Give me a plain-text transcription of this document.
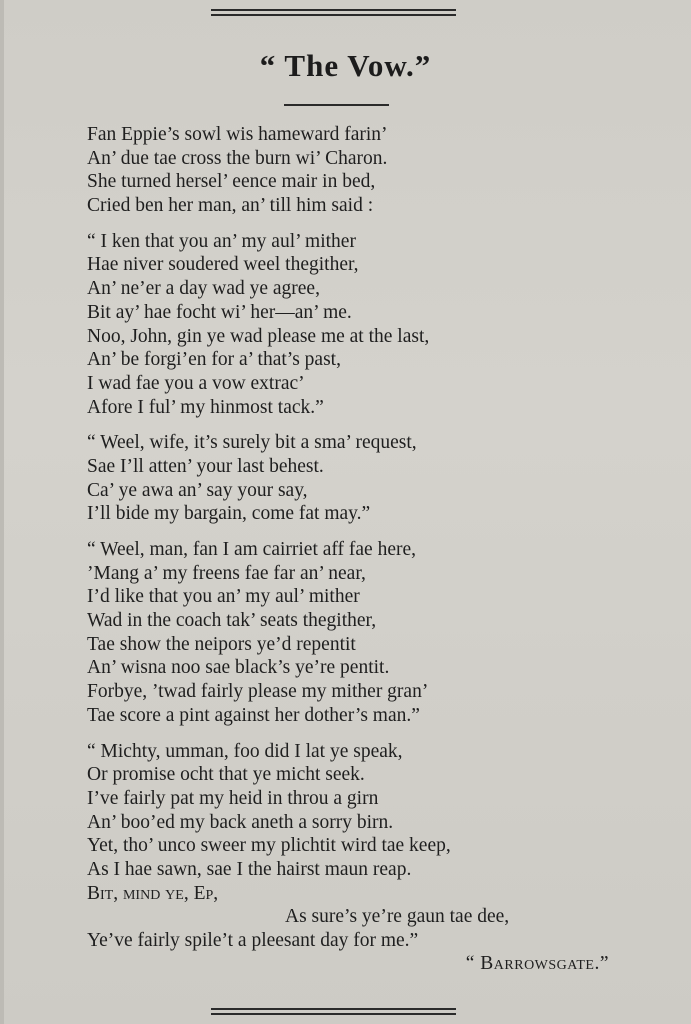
“ The Vow.”
Fan Eppie’s sowl wis hameward farin’
An’ due tae cross the burn wi’ Charon.
She turned hersel’ eence mair in bed,
Cried ben her man, an’ till him said :
“ I ken that you an’ my aul’ mither
Hae niver soudered weel thegither,
An’ ne’er a day wad ye agree,
Bit ay’ hae focht wi’ her—an’ me.
Noo, John, gin ye wad please me at the last,
An’ be forgi’en for a’ that’s past,
I wad fae you a vow extrac’
Afore I ful’ my hinmost tack.”
“ Weel, wife, it’s surely bit a sma’ request,
Sae I’ll atten’ your last behest.
Ca’ ye awa an’ say your say,
I’ll bide my bargain, come fat may.”
“ Weel, man, fan I am cairriet aff fae here,
’Mang a’ my freens fae far an’ near,
I’d like that you an’ my aul’ mither
Wad in the coach tak’ seats thegither,
Tae show the neipors ye’d repentit
An’ wisna noo sae black’s ye’re pentit.
Forbye, ’twad fairly please my mither gran’
Tae score a pint against her dother’s man.”
“ Michty, umman, foo did I lat ye speak,
Or promise ocht that ye micht seek.
I’ve fairly pat my heid in throu a girn
An’ boo’ed my back aneth a sorry birn.
Yet, tho’ unco sweer my plichtit wird tae keep,
As I hae sawn, sae I the hairst maun reap.
Bit, mind ye, Ep,
As sure’s ye’re gaun tae dee,
Ye’ve fairly spile’t a pleesant day for me.”
“ Barrowsgate.”
